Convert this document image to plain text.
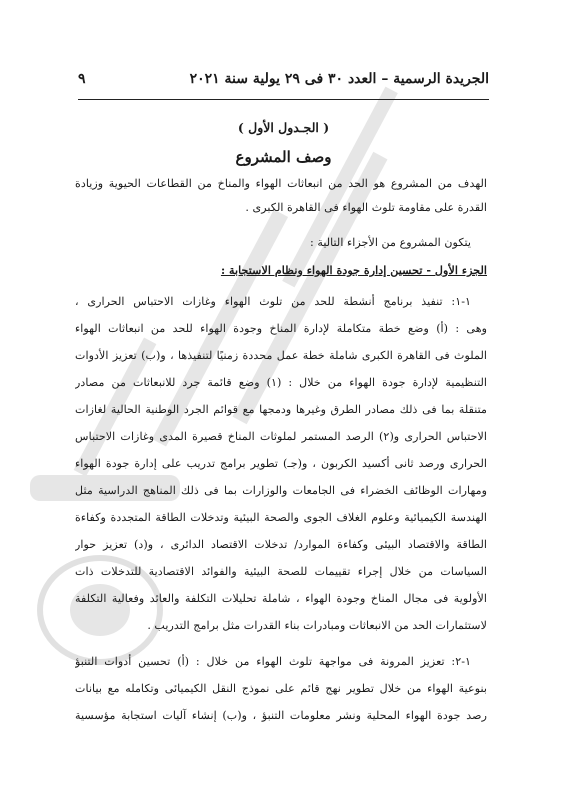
الجريدة الرسمية – العدد ٣٠ فى ٢٩ يولية سنة ٢٠٢١
٩
( الجـدول الأول )
وصف المشروع
الهدف من المشروع هو الحد من انبعاثات الهواء والمناخ من القطاعات الحيوية وزيادة
القدرة على مقاومة تلوث الهواء فى القاهرة الكبرى .
يتكون المشروع من الأجزاء التالية :
الجزء الأول - تحسين إدارة جودة الهواء ونظام الاستجابة :
١-١: تنفيذ برنامج أنشطة للحد من تلوث الهواء وغازات الاحتباس الحرارى ،
وهى : (أ) وضع خطة متكاملة لإدارة المناخ وجودة الهواء للحد من انبعاثات الهواء
الملوث فى القاهرة الكبرى شاملة خطة عمل محددة زمنيًا لتنفيذها ، و(ب) تعزيز الأدوات
التنظيمية لإدارة جودة الهواء من خلال : (١) وضع قائمة جرد للانبعاثات من مصادر
متنقلة بما فى ذلك مصادر الطرق وغيرها ودمجها مع قوائم الجرد الوطنية الحالية لغازات
الاحتباس الحرارى و(٢) الرصد المستمر لملوثات المناخ قصيرة المدى وغازات الاحتباس
الحرارى ورصد ثانى أكسيد الكربون ، و(جـ) تطوير برامج تدريب على إدارة جودة الهواء
ومهارات الوظائف الخضراء فى الجامعات والوزارات بما فى ذلك المناهج الدراسية مثل
الهندسة الكيميائية وعلوم الغلاف الجوى والصحة البيئية وتدخلات الطاقة المتجددة وكفاءة
الطاقة والاقتصاد البيئى وكفاءة الموارد/ تدخلات الاقتصاد الدائرى ، و(د) تعزيز حوار
السياسات من خلال إجراء تقييمات للصحة البيئية والفوائد الاقتصادية للتدخلات ذات
الأولوية فى مجال المناخ وجودة الهواء ، شاملة تحليلات التكلفة والعائد وفعالية التكلفة
لاستثمارات الحد من الانبعاثات ومبادرات بناء القدرات مثل برامج التدريب .
١-٢: تعزيز المرونة فى مواجهة تلوث الهواء من خلال : (أ) تحسين أدوات التنبؤ
بنوعية الهواء من خلال تطوير نهج قائم على نموذج النقل الكيميائى وتكامله مع بيانات
رصد جودة الهواء المحلية ونشر معلومات التنبؤ ، و(ب) إنشاء آليات استجابة مؤسسية
